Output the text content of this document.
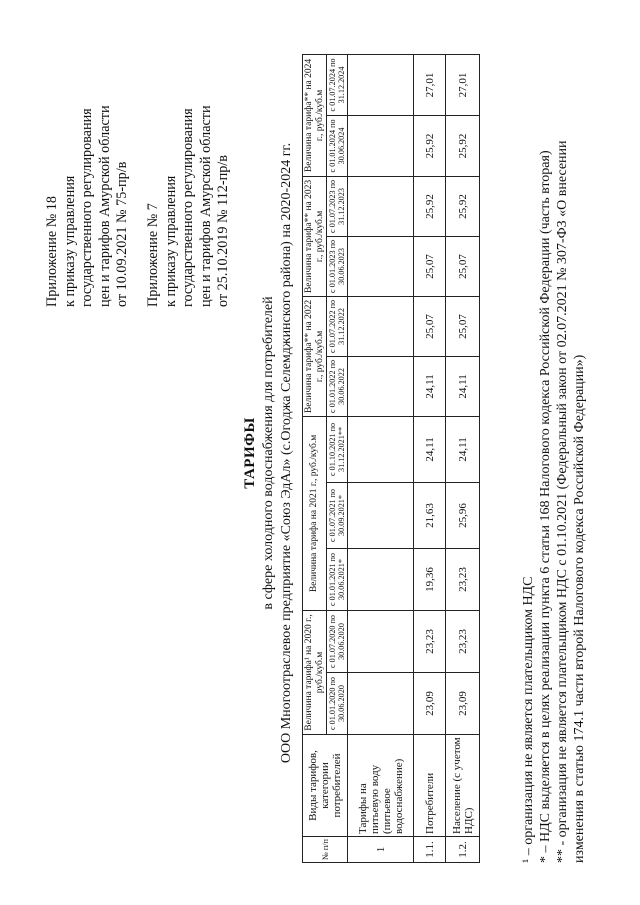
Приложение № 18 к приказу управления государственного регулирования цен и тарифов Амурской области от 10.09.2021 № 75-пр/в Приложение № 7 к приказу управления государственного регулирования цен и тарифов Амурской области от 25.10.2019 № 112-пр/в
ТАРИФЫ в сфере холодного водоснабжения для потребителей ООО Многоотраслевое предприятие «Союз ЭдАл» (с.Огоджа Селемджинского района) на 2020-2024 гг.
№ п/п	Виды тарифов, категории потребителей	Величина тарифа¹ на 2020 г., руб./куб.м		Величина тарифа на 2021 г., руб./куб.м			Величина тарифа** на 2022 г., руб./куб.м		Величина тарифа** на 2023 г., руб./куб.м		Величина тарифа** на 2024 г., руб./куб.м	
		с 01.01.2020 по 30.06.2020	с 01.07.2020 по 30.06.2020	с 01.01.2021 по 30.06.2021*	с 01.07.2021 по 30.09.2021*	с 01.10.2021 по 31.12.2021**	с 01.01.2022 по 30.06.2022	с 01.07.2022 по 31.12.2022	с 01.01.2023 по 30.06.2023	с 01.07.2023 по 31.12.2023	с 01.01.2024 по 30.06.2024	с 01.07.2024 по 31.12.2024
1	Тарифы на питьевую воду (питьевое водоснабжение)											
1.1.	Потребители	23,09	23,23	19,36	21,63	24,11	24,11	25,07	25,07	25,92	25,92	27,01
1.2.	Население (с учетом НДС)	23,09	23,23	23,23	25,96	24,11	24,11	25,07	25,07	25,92	25,92	27,01
¹ – организация не является плательщиком НДС * – НДС выделяется в целях реализации пункта 6 статьи 168 Налогового кодекса Российской Федерации (часть вторая) ** - организация не является плательщиком НДС с 01.10.2021 (Федеральный закон от 02.07.2021 № 307-ФЗ «О внесении изменения в статью 174.1 части второй Налогового кодекса Российской Федерации»)
